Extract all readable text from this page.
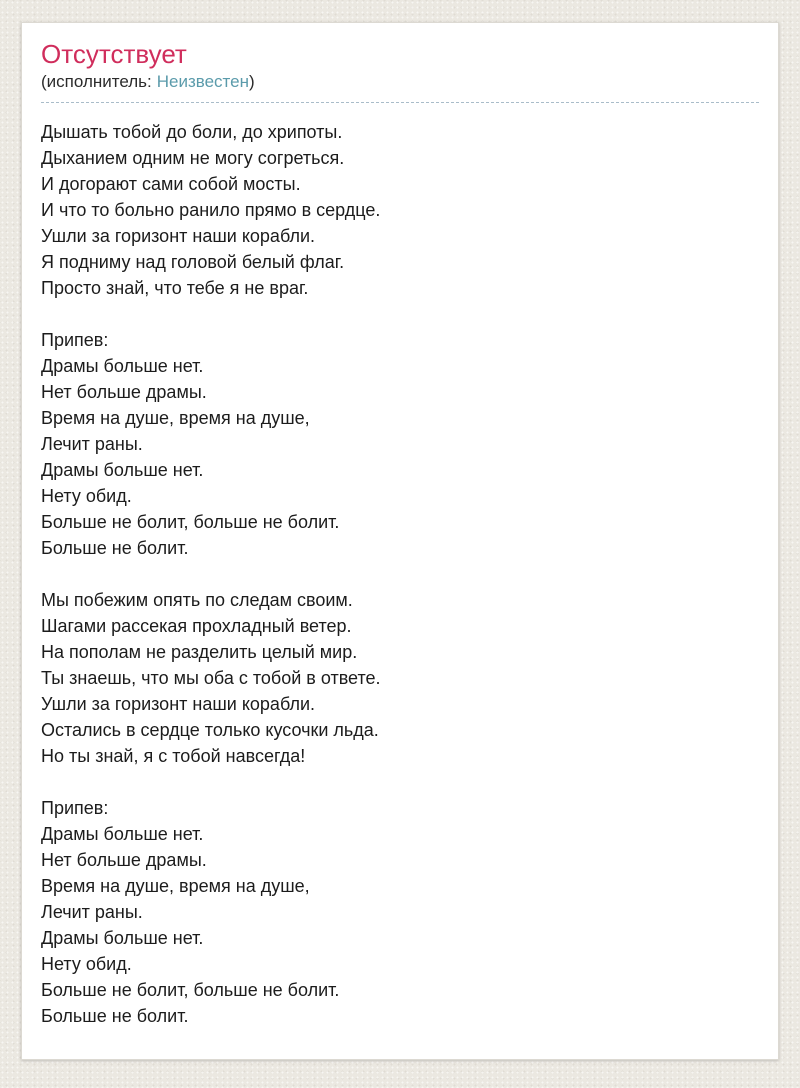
Отсутствует
(исполнитель: Неизвестен)
Дышать тобой до боли, до хрипоты.
Дыханием одним не могу согреться.
И догорают сами собой мосты.
И что то больно ранило прямо в сердце.
Ушли за горизонт наши корабли.
Я подниму над головой белый флаг.
Просто знай, что тебе я не враг.
Припев:
Драмы больше нет.
Нет больше драмы.
Время на душе, время на душе,
Лечит раны.
Драмы больше нет.
Нету обид.
Больше не болит, больше не болит.
Больше не болит.
Мы побежим опять по следам своим.
Шагами рассекая прохладный ветер.
На пополам не разделить целый мир.
Ты знаешь, что мы оба с тобой в ответе.
Ушли за горизонт наши корабли.
Остались в сердце только кусочки льда.
Но ты знай, я с тобой навсегда!
Припев:
Драмы больше нет.
Нет больше драмы.
Время на душе, время на душе,
Лечит раны.
Драмы больше нет.
Нету обид.
Больше не болит, больше не болит.
Больше не болит.
